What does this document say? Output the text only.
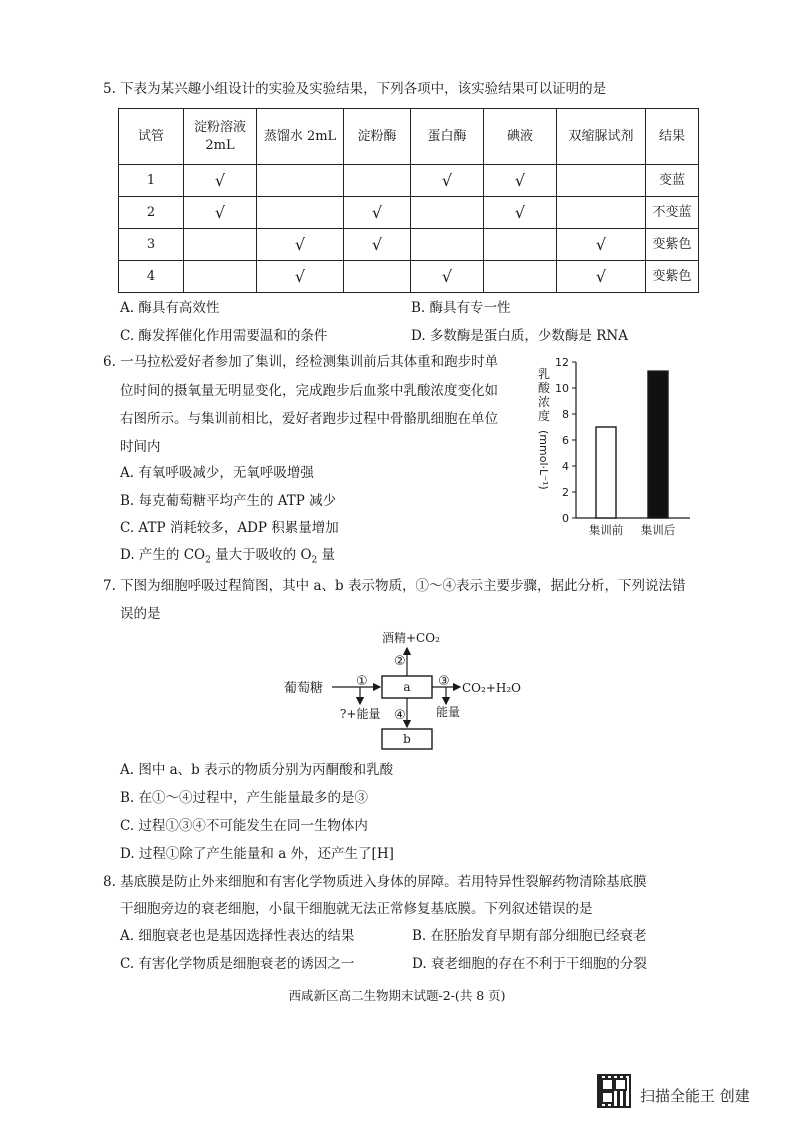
5. 下表为某兴趣小组设计的实验及实验结果，下列各项中，该实验结果可以证明的是
试管	淀粉溶液 2mL	蒸馏水 2mL	淀粉酶	蛋白酶	碘液	双缩脲试剂	结果
1	√			√	√		变蓝
2	√		√		√		不变蓝
3		√	√			√	变紫色
4		√		√		√	变紫色
A. 酶具有高效性	B. 酶具有专一性
C. 酶发挥催化作用需要温和的条件	D. 多数酶是蛋白质，少数酶是 RNA
6. 一马拉松爱好者参加了集训，经检测集训前后其体重和跑步时单
位时间的摄氧量无明显变化，完成跑步后血浆中乳酸浓度变化如
右图所示。与集训前相比，爱好者跑步过程中骨骼肌细胞在单位
时间内
A. 有氧呼吸减少，无氧呼吸增强
B. 每克葡萄糖平均产生的 ATP 减少
C. ATP 消耗较多，ADP 积累量增加
D. 产生的 $CO_2$ 量大于吸收的 $O_2$ 量
乳
酸
浓
度
(mmol·L⁻¹)
0
2
4
6
8
10
12
集训前 集训后
7. 下图为细胞呼吸过程简图，其中 a、b 表示物质，①～④表示主要步骤，据此分析，下列说法错
误的是
葡萄糖	①
②
③
④
酒精+CO₂
CO₂+H₂O
?+能量	能量
a
b
A. 图中 a、b 表示的物质分别为丙酮酸和乳酸
B. 在①～④过程中，产生能量最多的是③
C. 过程①③④不可能发生在同一生物体内
D. 过程①除了产生能量和 a 外，还产生了[H]
8. 基底膜是防止外来细胞和有害化学物质进入身体的屏障。若用特异性裂解药物清除基底膜
干细胞旁边的衰老细胞，小鼠干细胞就无法正常修复基底膜。下列叙述错误的是
A. 细胞衰老也是基因选择性表达的结果	B. 在胚胎发育早期有部分细胞已经衰老
C. 有害化学物质是细胞衰老的诱因之一	D. 衰老细胞的存在不利于干细胞的分裂
西咸新区高二生物期末试题-2-(共 8 页)
扫描全能王 创建
